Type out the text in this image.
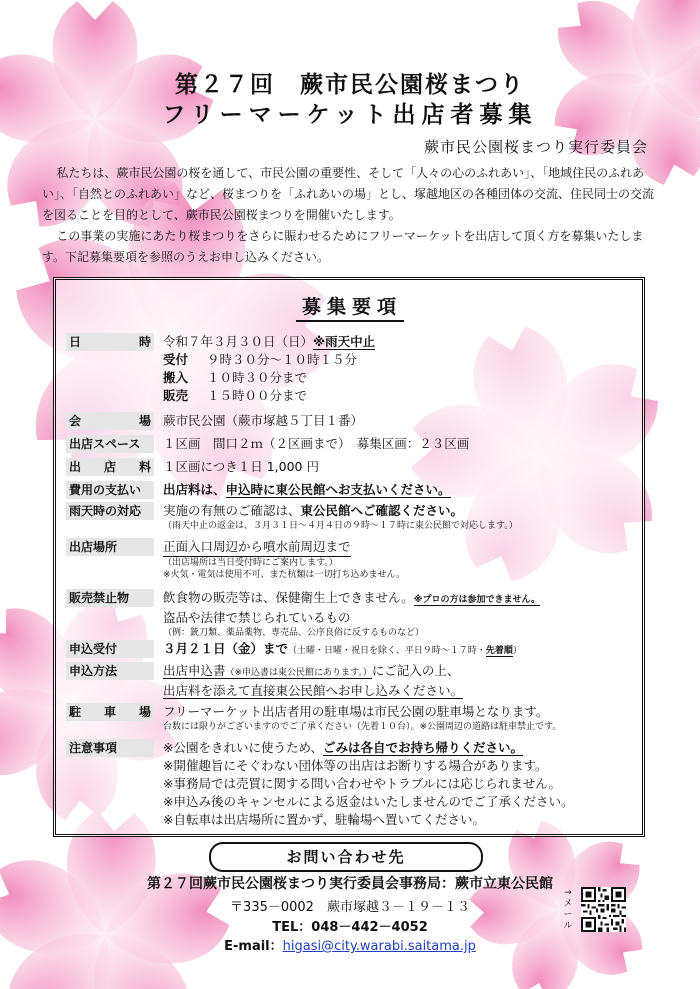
第２７回　蕨市民公園桜まつり
フリーマーケット出店者募集
蕨市民公園桜まつり実行委員会

私たちは、蕨市民公園の桜を通して、市民公園の重要性、そして「人々の心のふれあい」、「地域住民のふれあい」、「自然とのふれあい」など、桜まつりを「ふれあいの場」とし、塚越地区の各種団体の交流、住民同士の交流を図ることを目的として、蕨市民公園桜まつりを開催いたします。

この事業の実施にあたり桜まつりをさらに賑わせるためにフリーマーケットを出店して頂く方を募集いたします。下記募集要項を参照のうえお申し込みください。

募集要項
日	時 令和７年３月３０日（日）※雨天中止
受付 ９時３０分～１０時１５分
搬入 １０時３０分まで
販売 １５時００分まで
会	場 蕨市民公園（蕨市塚越５丁目１番）
出店スペース	１区画　間口２ｍ（２区画まで）　募集区画：２３区画
出 店 料 １区画につき１日 1,000 円
費用の支払い	出店料は、申込時に東公民館へお支払いください。
雨天時の対応	実施の有無のご確認は、東公民館へご確認ください。
（雨天中止の返金は、３月３１日～４月４日の９時～１７時に東公民館で対応します。）
出店場所	正面入口周辺から噴水前周辺まで
（出店場所は当日受付時にご案内します。）
※火気・電気は使用不可、また杭類は一切打ち込めません。
販売禁止物	飲食物の販売等は、保健衛生上できません。※プロの方は参加できません。
盗品や法律で禁じられているもの
（例：銃刀類、薬品薬物、専売品、公序良俗に反するものなど）
申込受付	３月２１日（金）まで（土曜・日曜・祝日を除く、平日９時～１７時・先着順）
申込方法	出店申込書（※申込書は東公民館にあります。）にご記入の上、
出店料を添えて直接東公民館へお申し込みください。
駐 車 場 フリーマーケット出店者用の駐車場は市民公園の駐車場となります。
台数には限りがございますのでご了承ください（先着１０台）。※公園周辺の道路は駐車禁止です。
注意事項	※公園をきれいに使うため、ごみは各自でお持ち帰りください。
※開催趣旨にそぐわない団体等の出店はお断りする場合があります。
※事務局では売買に関する問い合わせやトラブルには応じられません。
※申込み後のキャンセルによる返金はいたしませんのでご了承ください。
※自転車は出店場所に置かず、駐輪場へ置いてください。
お問い合わせ先
第２７回蕨市民公園桜まつり実行委員会事務局：蕨市立東公民館
〒335－0002　蕨市塚越３－１９－１３
TEL：048－442－4052
E-mail：higasi@city.warabi.saitama.jp
→メール
